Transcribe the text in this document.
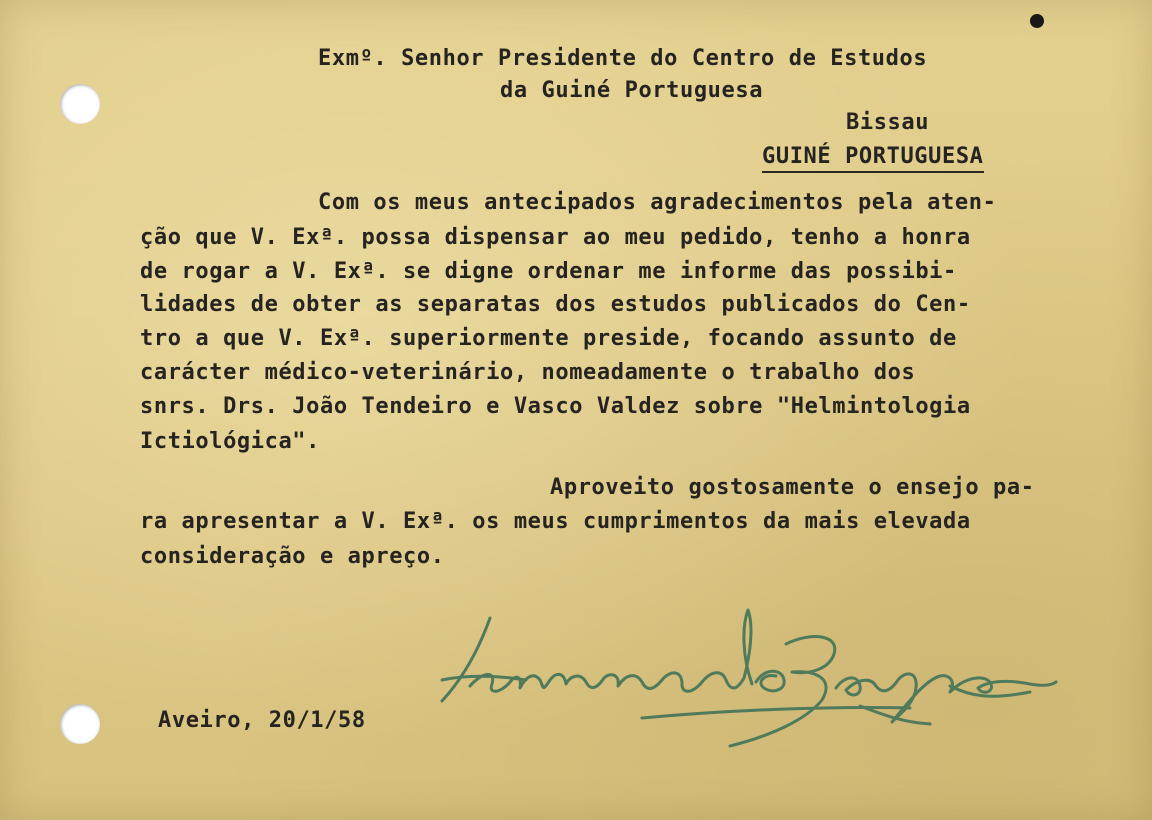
Exmº. Senhor Presidente do Centro de Estudos
da Guiné Portuguesa
Bissau
GUINÉ PORTUGUESA
Com os meus antecipados agradecimentos pela aten-
ção que V. Exª. possa dispensar ao meu pedido, tenho a honra
de rogar a V. Exª. se digne ordenar me informe das possibi-
lidades de obter as separatas dos estudos publicados do Cen-
tro a que V. Exª. superiormente preside, focando assunto de
carácter médico-veterinário, nomeadamente o trabalho dos
snrs. Drs. João Tendeiro e Vasco Valdez sobre "Helmintologia
Ictiológica".
Aproveito gostosamente o ensejo pa-
ra apresentar a V. Exª. os meus cumprimentos da mais elevada
consideração e apreço.
Aveiro, 20/1/58
